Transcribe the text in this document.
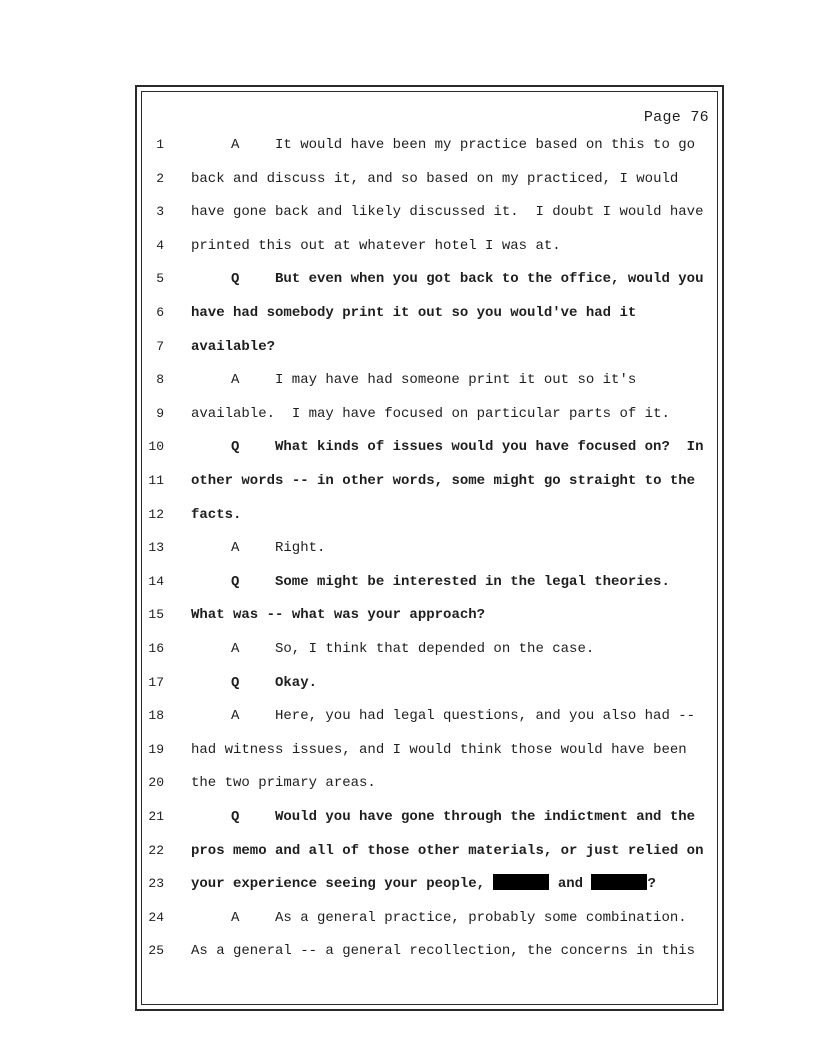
Page 76
1	A	It would have been my practice based on this to go
2 back and discuss it, and so based on my practiced, I would
3 have gone back and likely discussed it.  I doubt I would have
4 printed this out at whatever hotel I was at.
5	Q	But even when you got back to the office, would you
6 have had somebody print it out so you would've had it
7 available?
8	A	I may have had someone print it out so it's
9 available.  I may have focused on particular parts of it.
10	Q	What kinds of issues would you have focused on?  In
11 other words -- in other words, some might go straight to the
12 facts.
13	A	Right.
14	Q	Some might be interested in the legal theories.
15 What was -- what was your approach?
16	A	So, I think that depended on the case.
17	Q	Okay.
18	A	Here, you had legal questions, and you also had --
19 had witness issues, and I would think those would have been
20 the two primary areas.
21	Q	Would you have gone through the indictment and the
22 pros memo and all of those other materials, or just relied on
23 your experience seeing your people,	and	?
24	A	As a general practice, probably some combination.
25 As a general -- a general recollection, the concerns in this
